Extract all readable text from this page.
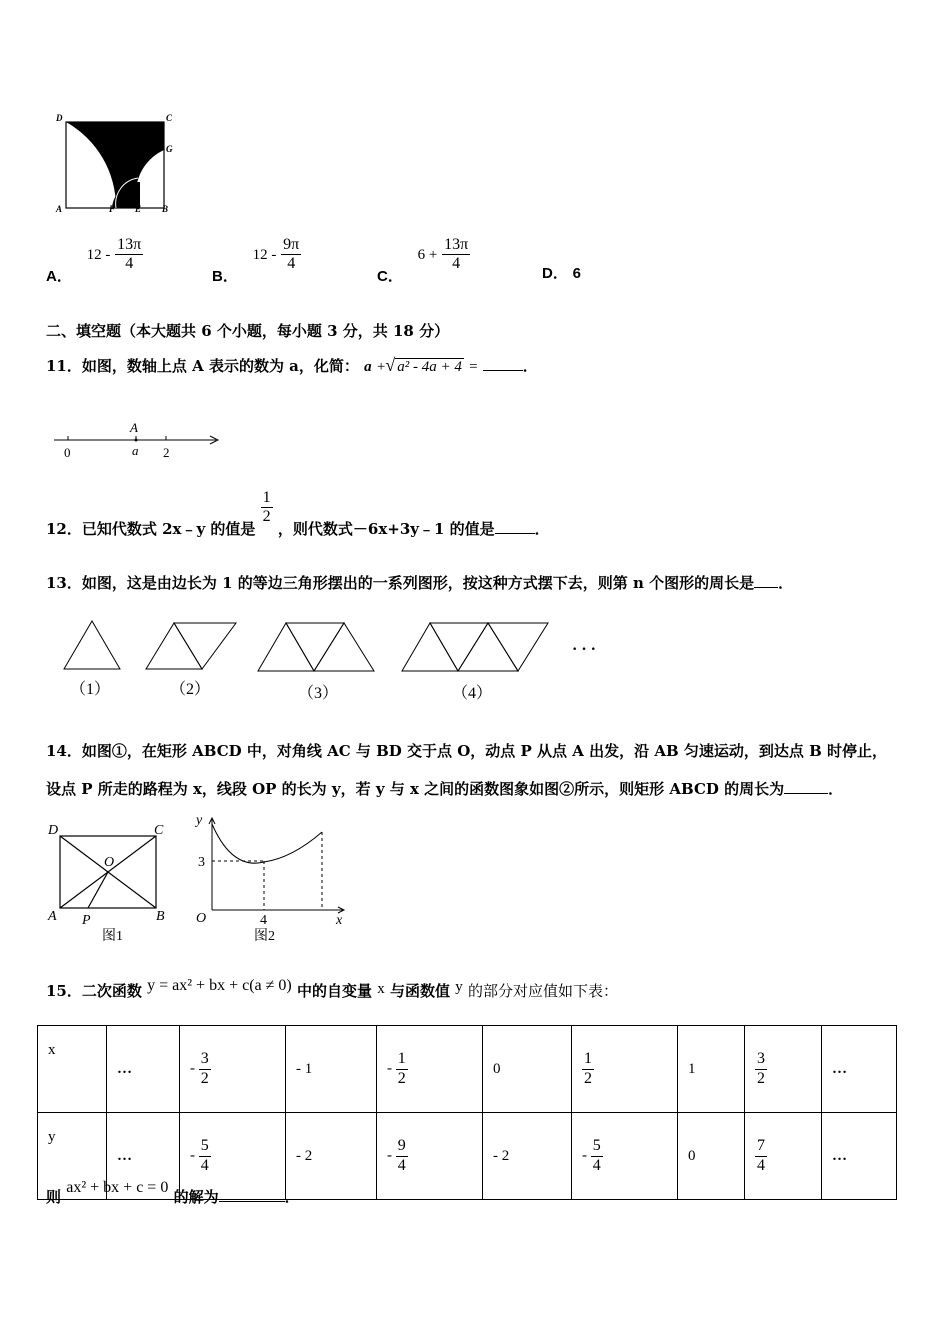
D	C
G
A	F E B
A． $12 - \frac{13\pi}{4}$
B． $12 - \frac{9\pi}{4}$
C． $6 + \frac{13\pi}{4}$	D． 6
二、填空题（本大题共 6 个小题，每小题 3 分，共 18 分）
11．如图，数轴上点 A 表示的数为 a，化简： a +√ a² - 4a + 4 =	．
A
0	a 2
12．已知代数式 2x﹣y 的值是
$\frac{1}{2}$
，则代数式－6x+3y﹣1 的值是	．
13．如图，这是由边长为 1 的等边三角形摆出的一系列图形，按这种方式摆下去，则第 n 个图形的周长是 ．
（1）	（2）	（3）	（4）
· · ·
14．如图①，在矩形 ABCD 中，对角线 AC 与 BD 交于点 O，动点 P 从点 A 出发，沿 AB 匀速运动，到达点 B 时停止，
设点 P 所走的路程为 x，线段 OP 的长为 y，若 y 与 x 之间的函数图象如图②所示，则矩形 ABCD 的周长为	．
D	C
O
A P	B
图1
y
x
O
3
4
图2
15．二次函数 y = ax² + bx + c(a ≠ 0) 中的自变量 x 与函数值 y 的部分对应值如下表：
x	…	- $\frac{3}{2}$	- 1	- $\frac{1}{2}$	0	$\frac{1}{2}$	1	$\frac{3}{2}$	…
y	…	- $\frac{5}{4}$	- 2	- $\frac{9}{4}$	- 2	- $\frac{5}{4}$	0	$\frac{7}{4}$	…
则 ax² + bx + c = 0 的解为	．
